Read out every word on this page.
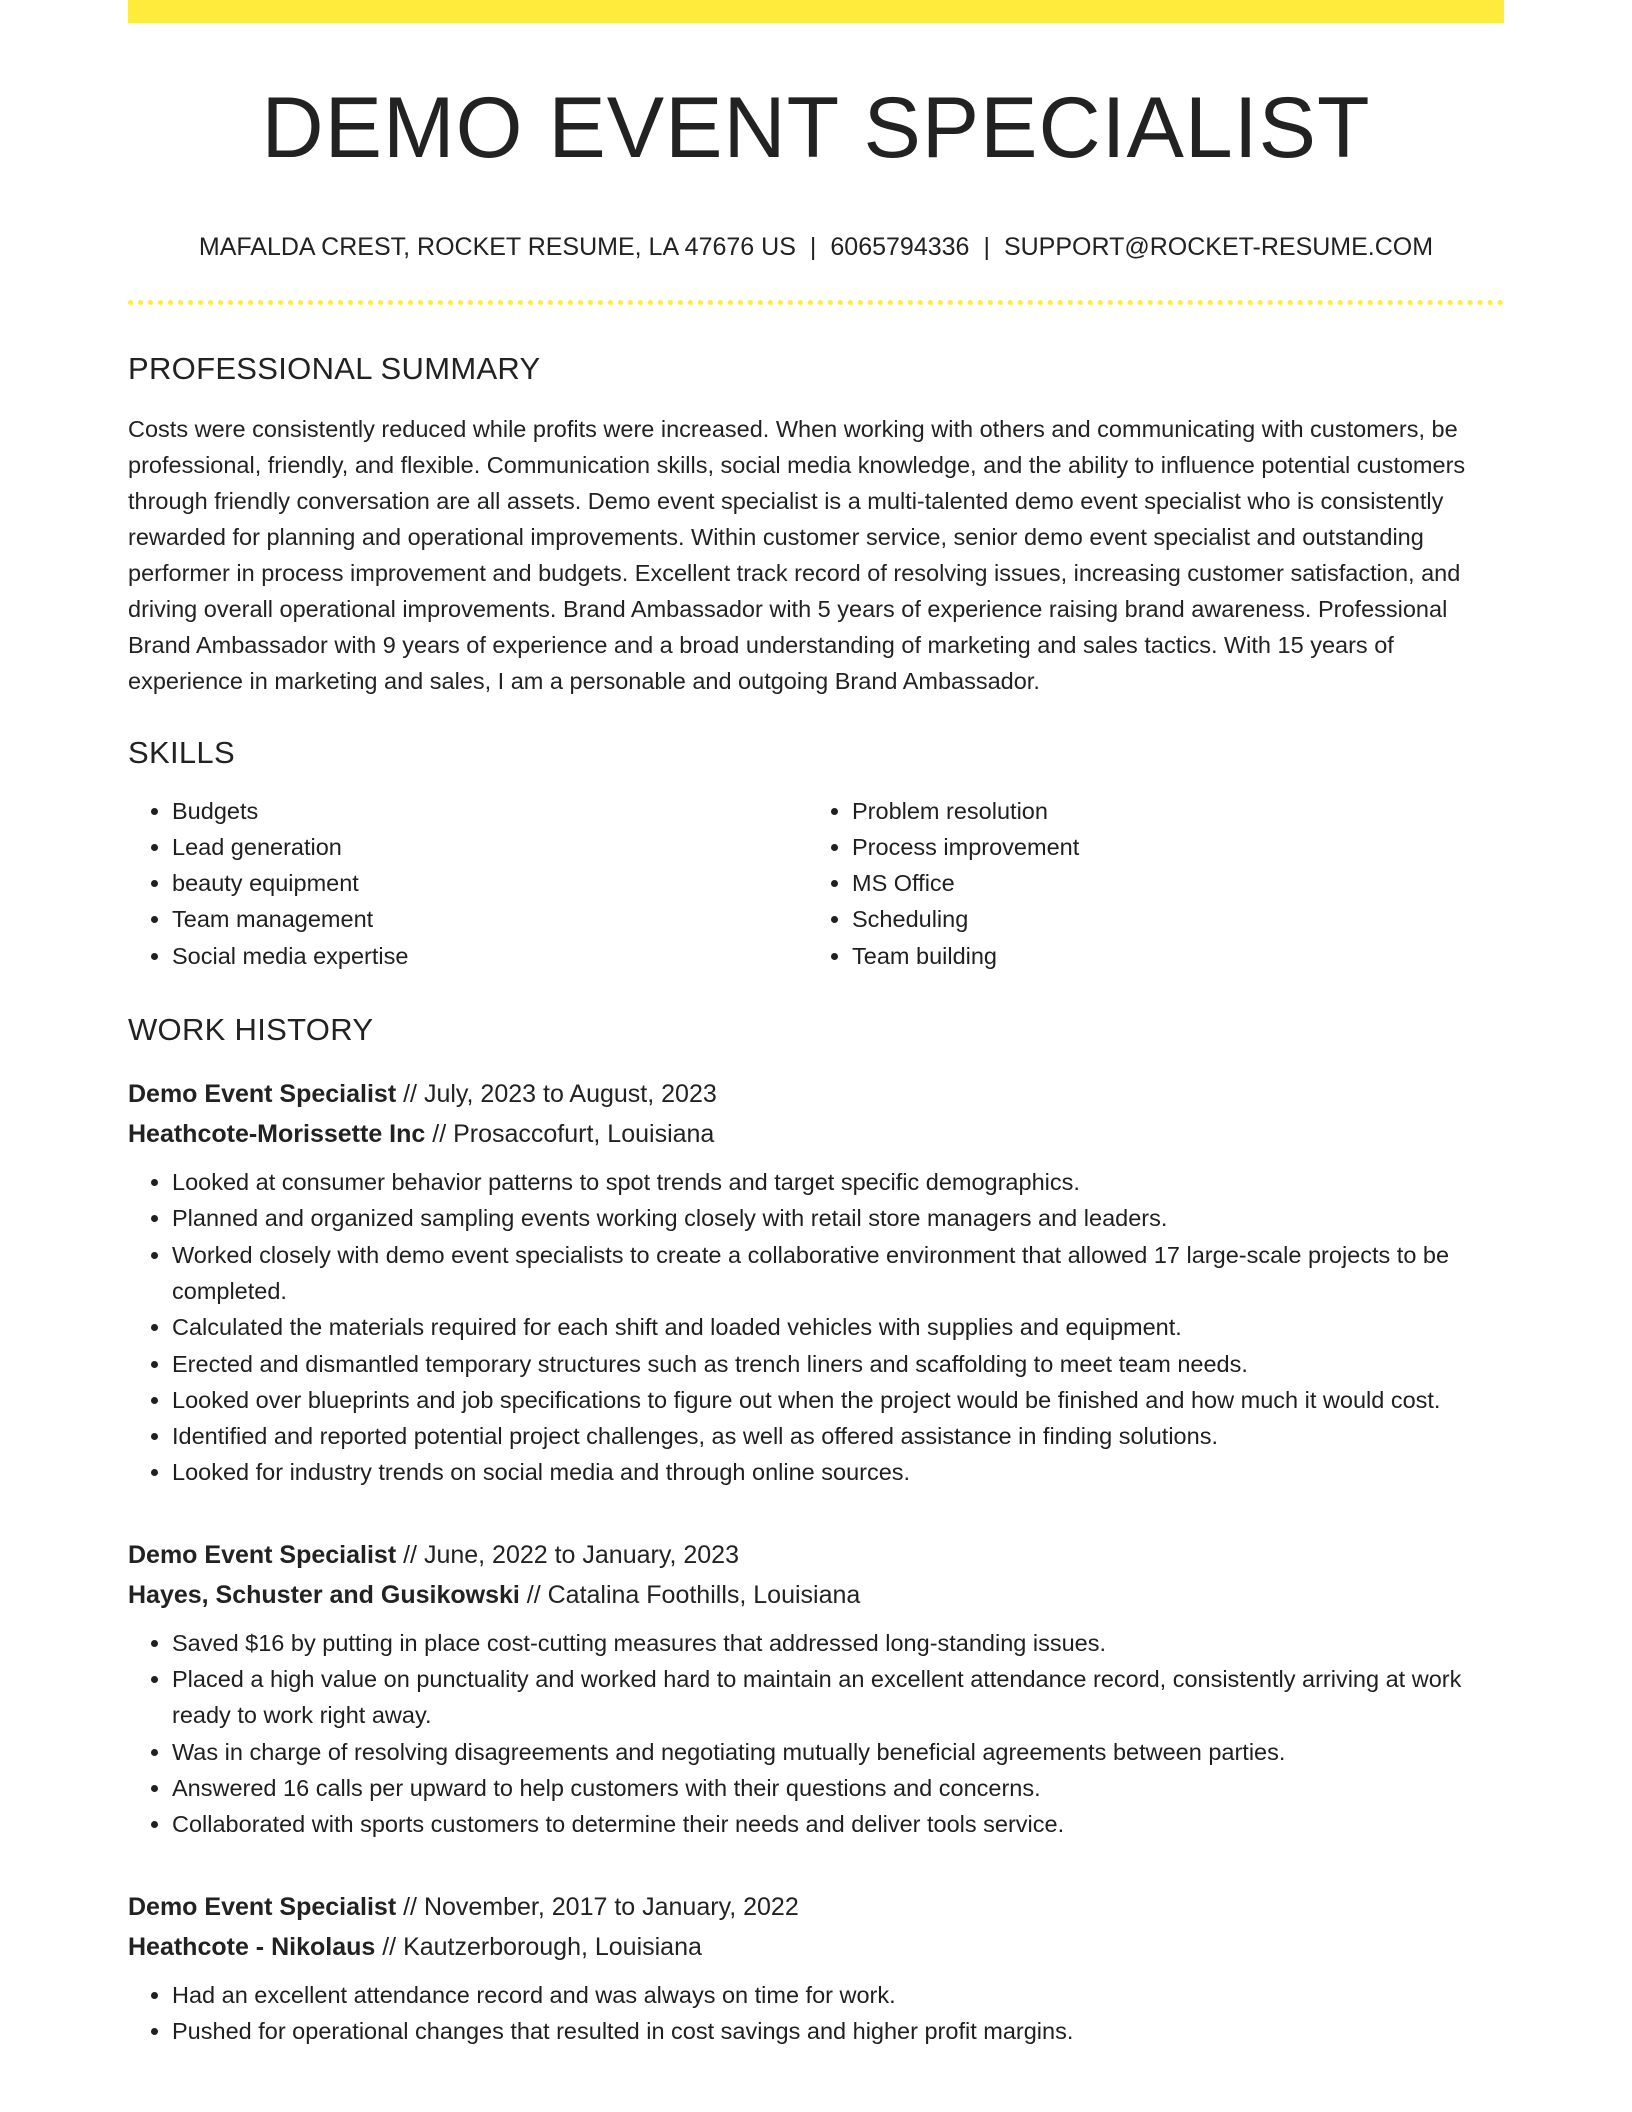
DEMO EVENT SPECIALIST
MAFALDA CREST, ROCKET RESUME, LA 47676 US | 6065794336 | SUPPORT@ROCKET-RESUME.COM
PROFESSIONAL SUMMARY

Costs were consistently reduced while profits were increased. When working with others and communicating with customers, be professional, friendly, and flexible. Communication skills, social media knowledge, and the ability to influence potential customers through friendly conversation are all assets. Demo event specialist is a multi-talented demo event specialist who is consistently rewarded for planning and operational improvements. Within customer service, senior demo event specialist and outstanding performer in process improvement and budgets. Excellent track record of resolving issues, increasing customer satisfaction, and driving overall operational improvements. Brand Ambassador with 5 years of experience raising brand awareness. Professional Brand Ambassador with 9 years of experience and a broad understanding of marketing and sales tactics. With 15 years of experience in marketing and sales, I am a personable and outgoing Brand Ambassador.

SKILLS
• Budgets
• Lead generation
• beauty equipment
• Team management
• Social media expertise
• Problem resolution
• Process improvement
• MS Office
• Scheduling
• Team building
WORK HISTORY
Demo Event Specialist // July, 2023 to August, 2023
Heathcote-Morissette Inc // Prosaccofurt, Louisiana
• Looked at consumer behavior patterns to spot trends and target specific demographics.
• Planned and organized sampling events working closely with retail store managers and leaders.
• Worked closely with demo event specialists to create a collaborative environment that allowed 17 large-scale projects to be completed.
• Calculated the materials required for each shift and loaded vehicles with supplies and equipment.
• Erected and dismantled temporary structures such as trench liners and scaffolding to meet team needs.
• Looked over blueprints and job specifications to figure out when the project would be finished and how much it would cost.
• Identified and reported potential project challenges, as well as offered assistance in finding solutions.
• Looked for industry trends on social media and through online sources.
Demo Event Specialist // June, 2022 to January, 2023
Hayes, Schuster and Gusikowski // Catalina Foothills, Louisiana
• Saved $16 by putting in place cost-cutting measures that addressed long-standing issues.
• Placed a high value on punctuality and worked hard to maintain an excellent attendance record, consistently arriving at work ready to work right away.
• Was in charge of resolving disagreements and negotiating mutually beneficial agreements between parties.
• Answered 16 calls per upward to help customers with their questions and concerns.
• Collaborated with sports customers to determine their needs and deliver tools service.
Demo Event Specialist // November, 2017 to January, 2022
Heathcote - Nikolaus // Kautzerborough, Louisiana
• Had an excellent attendance record and was always on time for work.
• Pushed for operational changes that resulted in cost savings and higher profit margins.
